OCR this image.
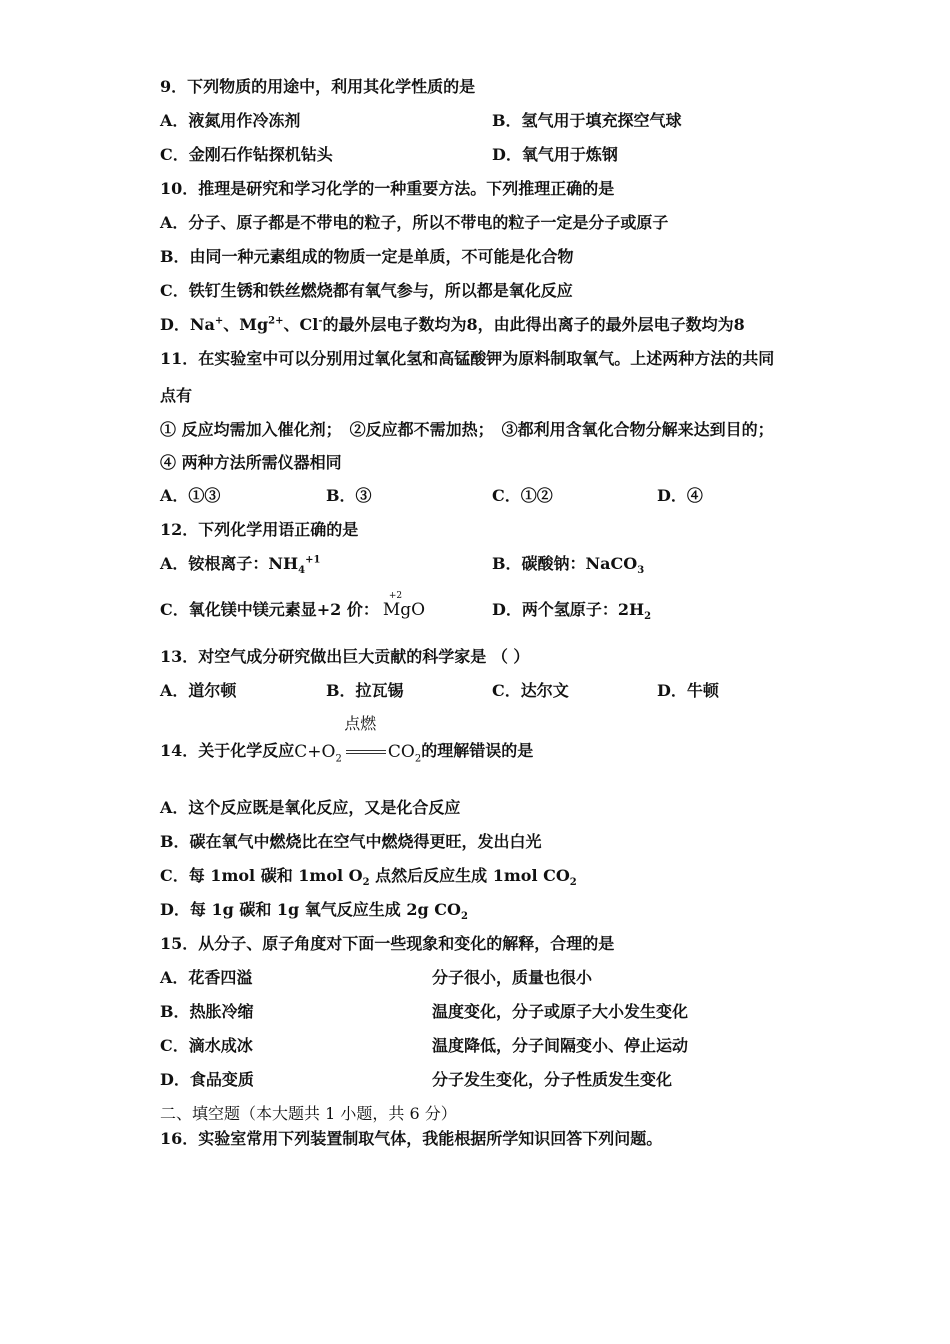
9．下列物质的用途中，利用其化学性质的是
A．液氮用作冷冻剂	B．氢气用于填充探空气球
C．金刚石作钻探机钻头	D．氧气用于炼钢
10．推理是研究和学习化学的一种重要方法。下列推理正确的是
A．分子、原子都是不带电的粒子，所以不带电的粒子一定是分子或原子
B．由同一种元素组成的物质一定是单质，不可能是化合物
C．铁钉生锈和铁丝燃烧都有氧气参与，所以都是氧化反应
D．Na+、$Mg^{2+}$、Cl-的最外层电子数均为8，由此得出离子的最外层电子数均为8
11．在实验室中可以分别用过氧化氢和高锰酸钾为原料制取氧气。上述两种方法的共同
点有
① 反应均需加入催化剂；　②反应都不需加热；　③都利用含氧化合物分解来达到目的；
④ 两种方法所需仪器相同
A．①③	B．③	C．①②	D．④
12．下列化学用语正确的是
A．铵根离子：$NH_4^{+1}$	B．碳酸钠：NaCO$_3$
C．氧化镁中镁元素显+2 价：
+2
MgO	D．两个氢原子：$2H_2$
13．对空气成分研究做出巨大贡献的科学家是 （ ）
A．道尔顿	B．拉瓦锡	C．达尔文	D．牛顿
14．关于化学反应
点燃
$C+O_2$	$CO_2$的理解错误的是
A．这个反应既是氧化反应，又是化合反应
B．碳在氧气中燃烧比在空气中燃烧得更旺，发出白光
C．每 1mol 碳和 1mol $O_2$ 点然后反应生成 1mol $CO_2$
D．每 1g 碳和 1g 氧气反应生成 2g $CO_2$
15．从分子、原子角度对下面一些现象和变化的解释，合理的是
A．花香四溢	分子很小，质量也很小
B．热胀冷缩	温度变化，分子或原子大小发生变化
C．滴水成冰	温度降低，分子间隔变小、停止运动
D．食品变质	分子发生变化，分子性质发生变化
二、填空题（本大题共 1 小题，共 6 分）
16．实验室常用下列装置制取气体，我能根据所学知识回答下列问题。
